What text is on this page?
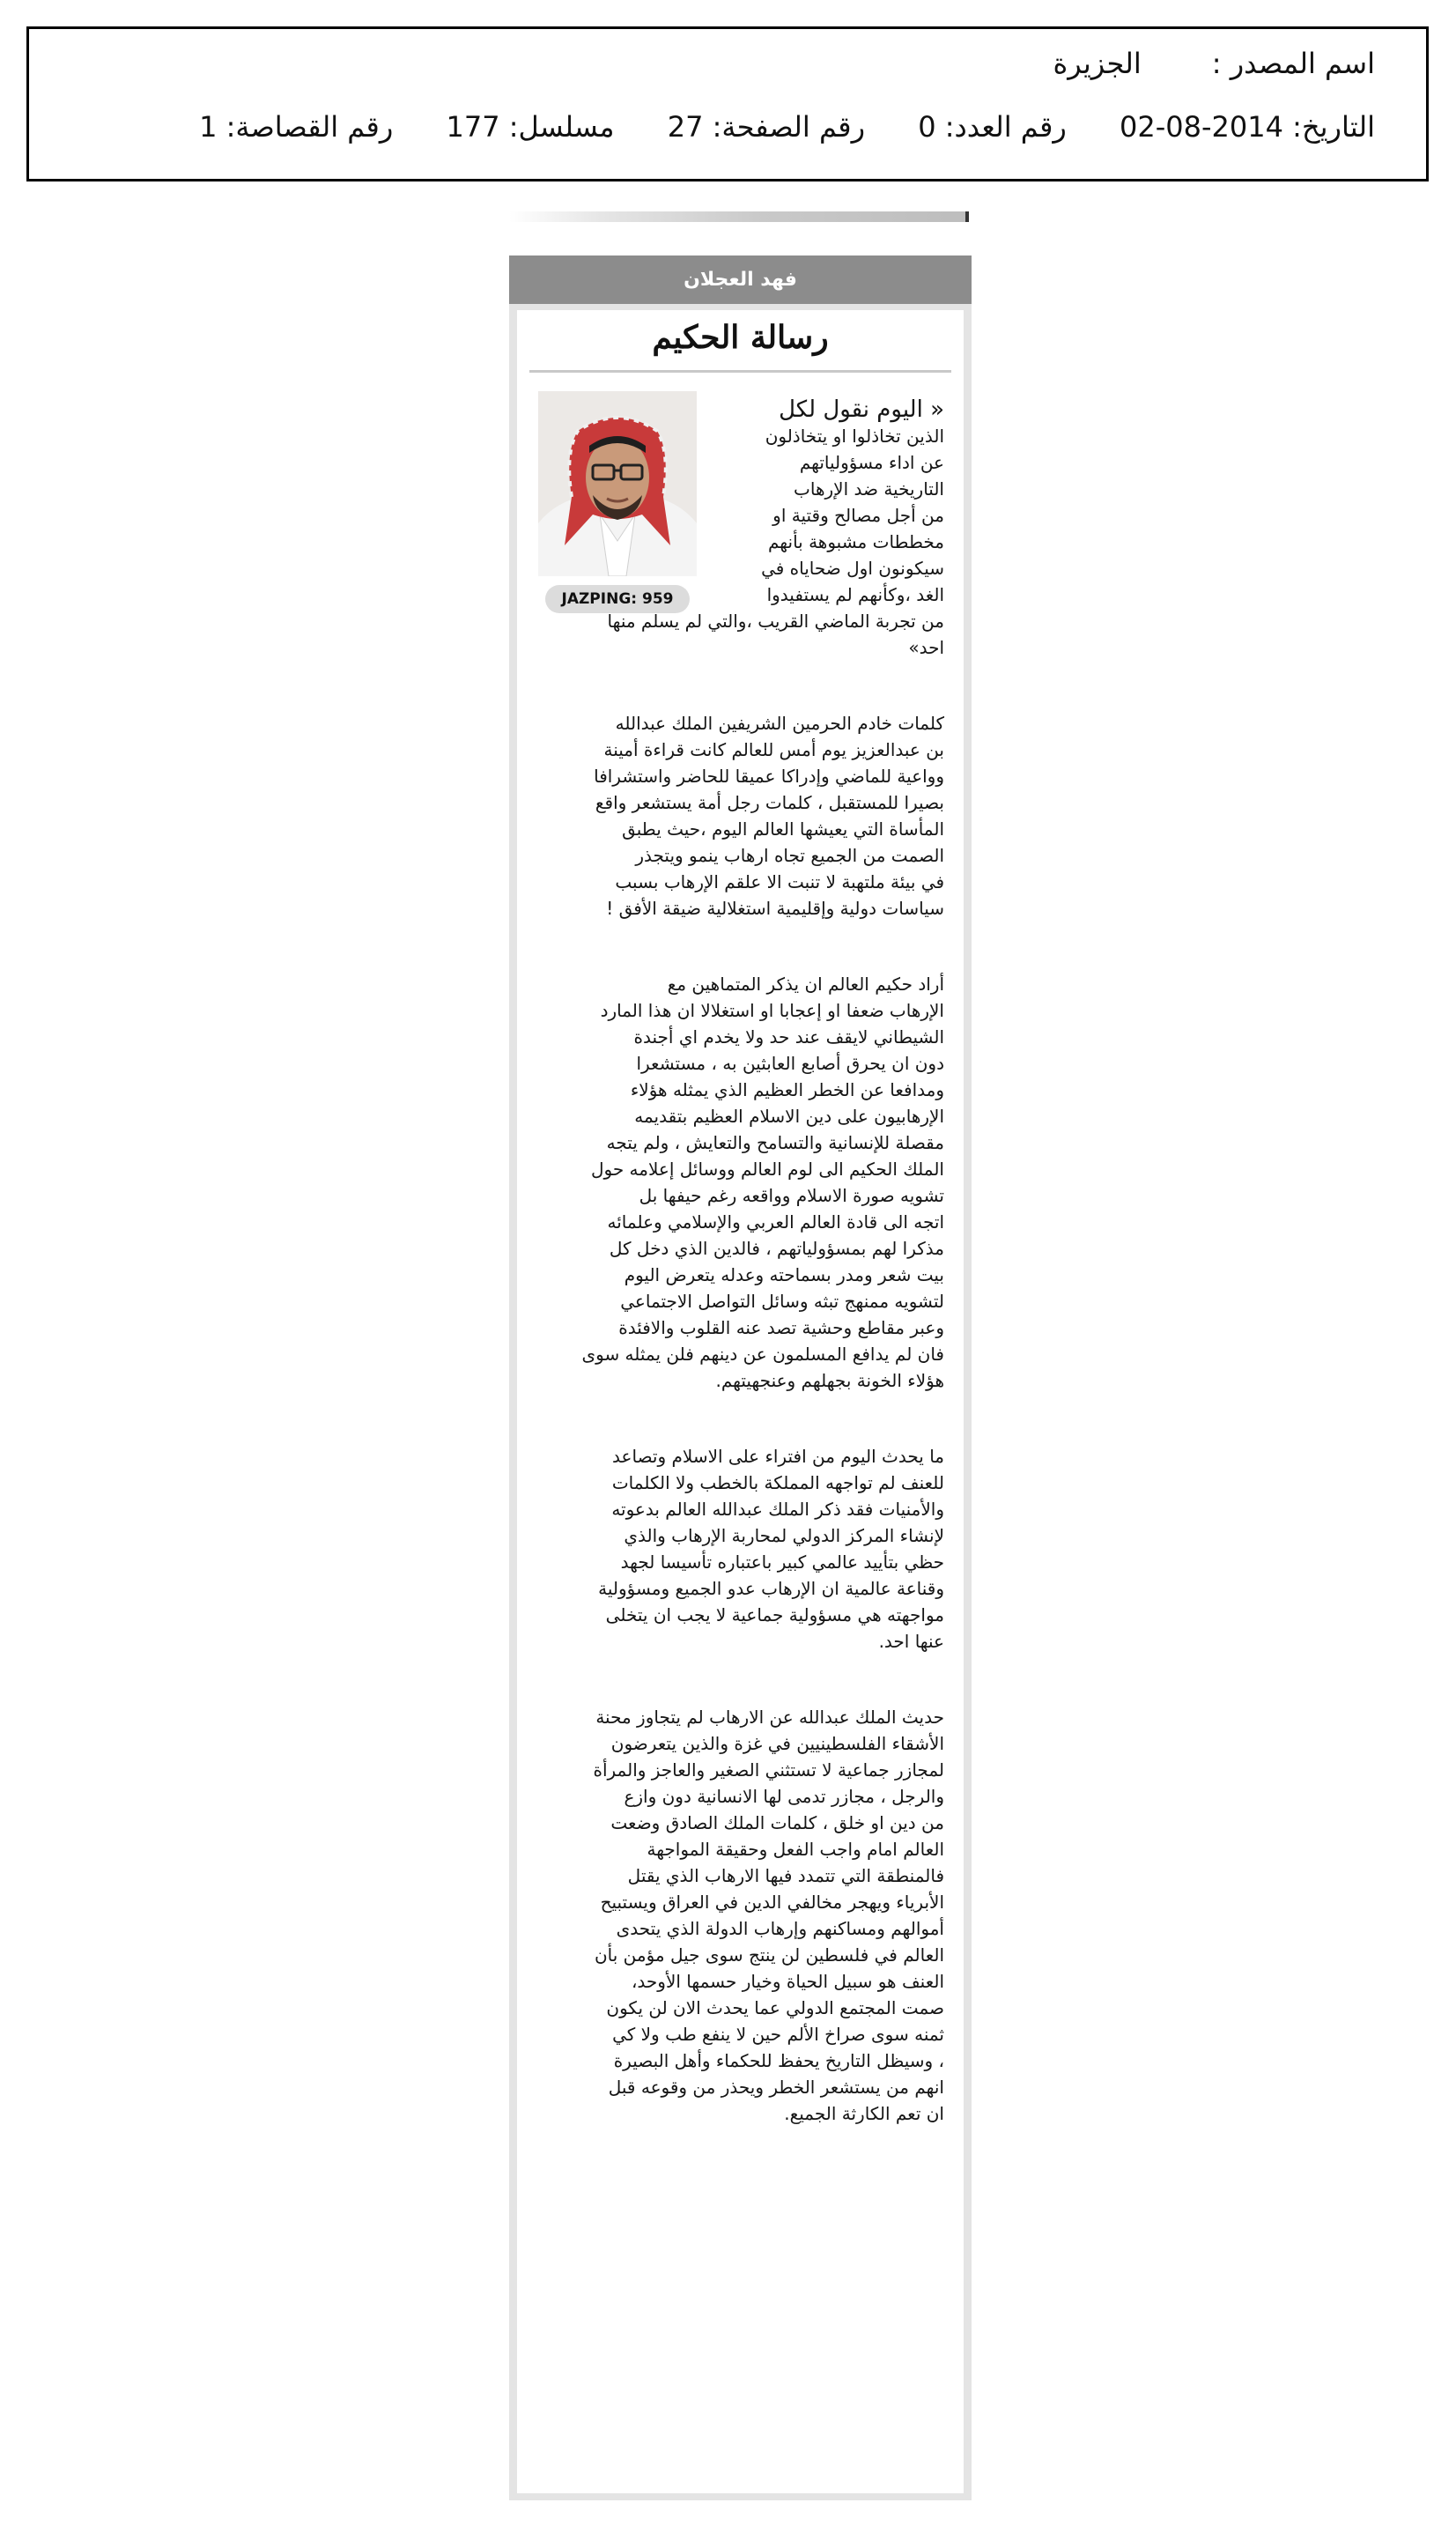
اسم المصدر :الجزيرة
التاريخ: 2014-08-02 رقم العدد: 0 رقم الصفحة: 27 مسلسل: 177 رقم القصاصة: 1
فهد العجلان
رسالة الحكيم
JAZPING: 959
« اليوم نقول لكل
الذين تخاذلوا او يتخاذلون
عن اداء مسؤولياتهم
التاريخية ضد الإرهاب
من أجل مصالح وقتية او
مخططات مشبوهة بأنهم
سيكونون اول ضحاياه في
الغد ،وكأنهم لم يستفيدوا
من تجربة الماضي القريب ،والتي لم يسلم منها
احد»
كلمات خادم الحرمين الشريفين الملك عبدالله
بن عبدالعزيز يوم أمس للعالم كانت قراءة أمينة
وواعية للماضي وإدراكا عميقا للحاضر واستشرافا
بصيرا للمستقبل ، كلمات رجل أمة يستشعر واقع
المأساة التي يعيشها العالم اليوم ،حيث يطبق
الصمت من الجميع تجاه ارهاب ينمو ويتجذر
في بيئة ملتهبة لا تنبت الا علقم الإرهاب بسبب
سياسات دولية وإقليمية استغلالية ضيقة الأفق !
أراد حكيم العالم ان يذكر المتماهين مع
الإرهاب ضعفا او إعجابا او استغلالا ان هذا المارد
الشيطاني لايقف عند حد ولا يخدم اي أجندة
دون ان يحرق أصابع العابثين به ، مستشعرا
ومدافعا عن الخطر العظيم الذي يمثله هؤلاء
الإرهابيون على دين الاسلام العظيم بتقديمه
مقصلة للإنسانية والتسامح والتعايش ، ولم يتجه
الملك الحكيم الى لوم العالم ووسائل إعلامه حول
تشويه صورة الاسلام وواقعه رغم حيفها بل
اتجه الى قادة العالم العربي والإسلامي وعلمائه
مذكرا لهم بمسؤولياتهم ، فالدين الذي دخل كل
بيت شعر ومدر بسماحته وعدله يتعرض اليوم
لتشويه ممنهج تبثه وسائل التواصل الاجتماعي
وعبر مقاطع وحشية تصد عنه القلوب والافئدة
فان لم يدافع المسلمون عن دينهم فلن يمثله سوى
هؤلاء الخونة بجهلهم وعنجهيتهم.
ما يحدث اليوم من افتراء على الاسلام وتصاعد
للعنف لم تواجهه المملكة بالخطب ولا الكلمات
والأمنيات فقد ذكر الملك عبدالله العالم بدعوته
لإنشاء المركز الدولي لمحاربة الإرهاب والذي
حظي بتأييد عالمي كبير باعتباره تأسيسا لجهد
وقناعة عالمية ان الإرهاب عدو الجميع ومسؤولية
مواجهته هي مسؤولية جماعية لا يجب ان يتخلى
عنها احد.
حديث الملك عبدالله عن الارهاب لم يتجاوز محنة
الأشقاء الفلسطينيين في غزة والذين يتعرضون
لمجازر جماعية لا تستثني الصغير والعاجز والمرأة
والرجل ، مجازر تدمى لها الانسانية دون وازع
من دين او خلق ، كلمات الملك الصادق وضعت
العالم امام واجب الفعل وحقيقة المواجهة
فالمنطقة التي تتمدد فيها الارهاب الذي يقتل
الأبرياء ويهجر مخالفي الدين في العراق ويستبيح
أموالهم ومساكنهم وإرهاب الدولة الذي يتحدى
العالم في فلسطين لن ينتج سوى جيل مؤمن بأن
العنف هو سبيل الحياة وخيار حسمها الأوحد،
صمت المجتمع الدولي عما يحدث الان لن يكون
ثمنه سوى صراخ الألم حين لا ينفع طب ولا كي
، وسيظل التاريخ يحفظ للحكماء وأهل البصيرة
انهم من يستشعر الخطر ويحذر من وقوعه قبل
ان تعم الكارثة الجميع.
